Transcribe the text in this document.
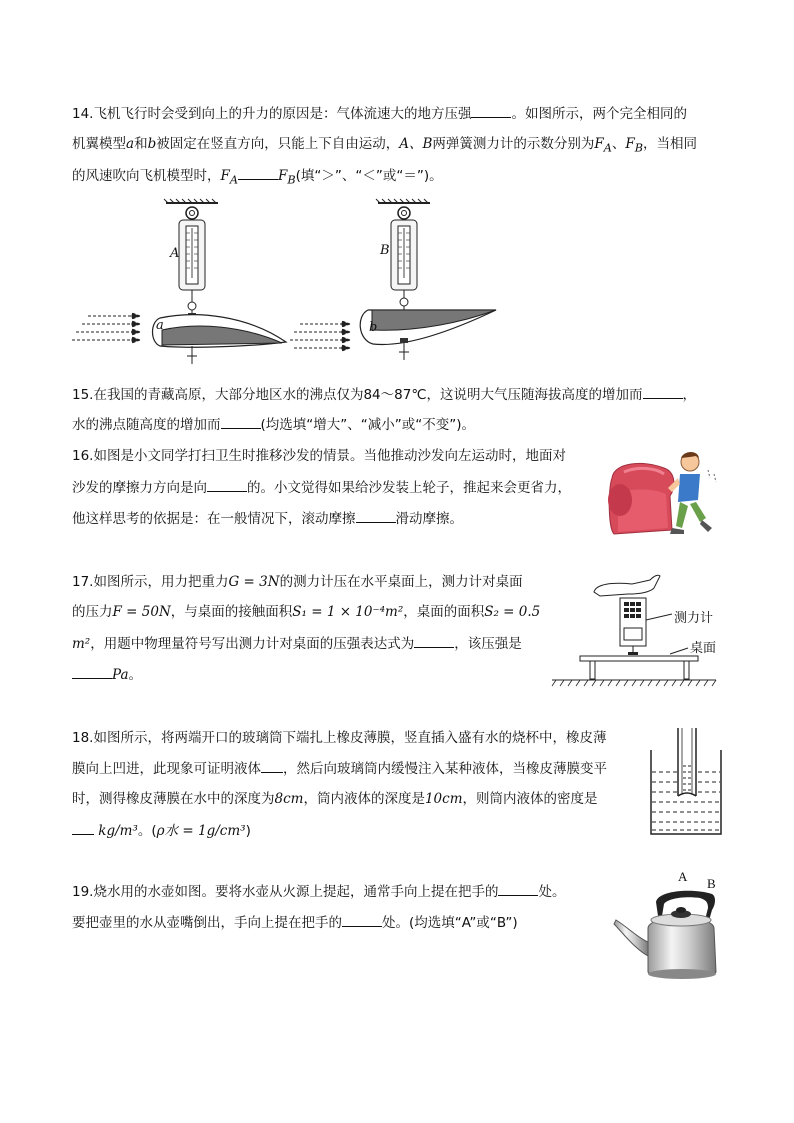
14.飞机飞行时会受到向上的升力的原因是：气体流速大的地方压强	。如图所示，两个完全相同的
机翼模型a和b被固定在竖直方向，只能上下自由运动，A、B两弹簧测力计的示数分别为$F_A$、$F_B$，当相同
的风速吹向飞机模型时，$F_A$	$F_B$(填“＞”、“＜”或“＝”)。
A	B
a	b
15.在我国的青藏高原，大部分地区水的沸点仅为84～87℃，这说明大气压随海拔高度的增加而	，
水的沸点随高度的增加而	(均选填“增大”、“减小”或“不变”)。
16.如图是小文同学打扫卫生时推移沙发的情景。当他推动沙发向左运动时，地面对
沙发的摩擦力方向是向	的。小文觉得如果给沙发装上轮子，推起来会更省力，
他这样思考的依据是：在一般情况下，滚动摩擦	滑动摩擦。
17.如图所示，用力把重力G = 3N的测力计压在水平桌面上，测力计对桌面
的压力F = 50N，与桌面的接触面积S₁ = 1 × 10⁻⁴m²，桌面的面积S₂ = 0.5
m²，用题中物理量符号写出测力计对桌面的压强表达式为	，该压强是
Pa。
测力计
桌面
18.如图所示，将两端开口的玻璃筒下端扎上橡皮薄膜，竖直插入盛有水的烧杯中，橡皮薄
膜向上凹进，此现象可证明液体 ，然后向玻璃筒内缓慢注入某种液体，当橡皮薄膜变平
时，测得橡皮薄膜在水中的深度为8cm，筒内液体的深度是10cm，则筒内液体的密度是
kg/m³。(ρ水 = 1g/cm³)
19.烧水用的水壶如图。要将水壶从火源上提起，通常手向上提在把手的	处。
要把壶里的水从壶嘴倒出，手向上提在把手的	处。(均选填“A”或“B”)
A B
